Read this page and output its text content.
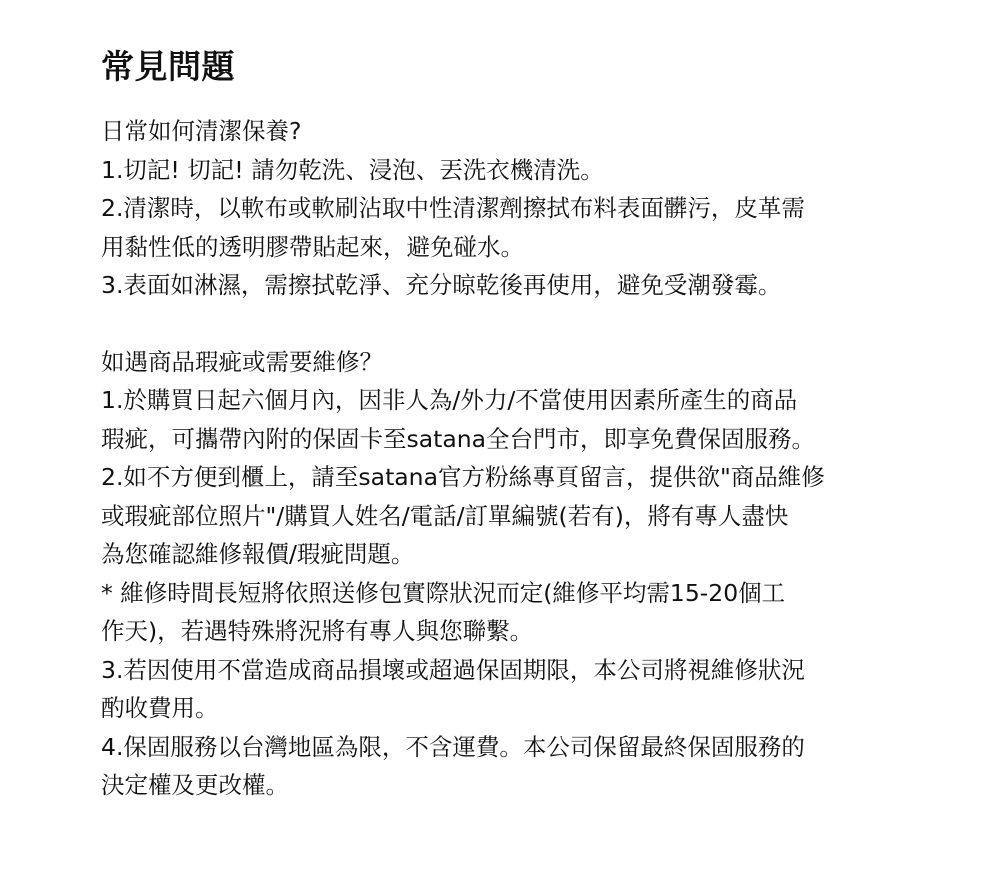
常見問題

日常如何清潔保養?

1.切記! 切記! 請勿乾洗、浸泡、丟洗衣機清洗。

2.清潔時，以軟布或軟刷沾取中性清潔劑擦拭布料表面髒污，皮革需

用黏性低的透明膠帶貼起來，避免碰水。

3.表面如淋濕，需擦拭乾淨、充分晾乾後再使用，避免受潮發霉。

如遇商品瑕疵或需要維修？

1.於購買日起六個月內，因非人為/外力/不當使用因素所產生的商品

瑕疵，可攜帶內附的保固卡至satana全台門市，即享免費保固服務。

2.如不方便到櫃上，請至satana官方粉絲專頁留言，提供欲"商品維修

或瑕疵部位照片"/購買人姓名/電話/訂單編號(若有)，將有專人盡快

為您確認維修報價/瑕疵問題。

* 維修時間長短將依照送修包實際狀況而定(維修平均需15-20個工

作天)，若遇特殊將況將有專人與您聯繫。

3.若因使用不當造成商品損壞或超過保固期限，本公司將視維修狀況

酌收費用。

4.保固服務以台灣地區為限，不含運費。本公司保留最終保固服務的

決定權及更改權。
